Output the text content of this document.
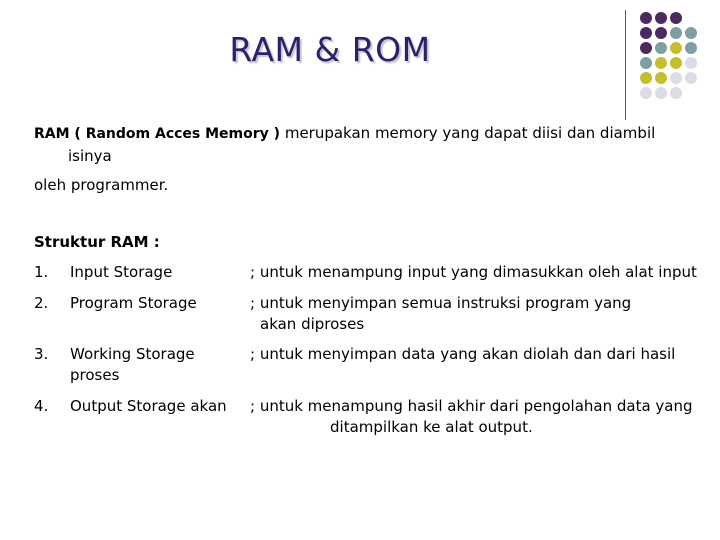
RAM & ROM
RAM ( Random Acces Memory ) merupakan memory yang dapat diisi dan diambil
isinya
oleh programmer.
Struktur RAM :
1. Input Storage	; untuk menampung input yang dimasukkan oleh alat input
2. Program Storage	; untuk menyimpan semua instruksi program yang
akan diproses
3. Working Storage proses
; untuk menyimpan data yang akan diolah dan dari hasil
4. Output Storage akan ; untuk menampung hasil akhir dari pengolahan data yang
ditampilkan ke alat output.
